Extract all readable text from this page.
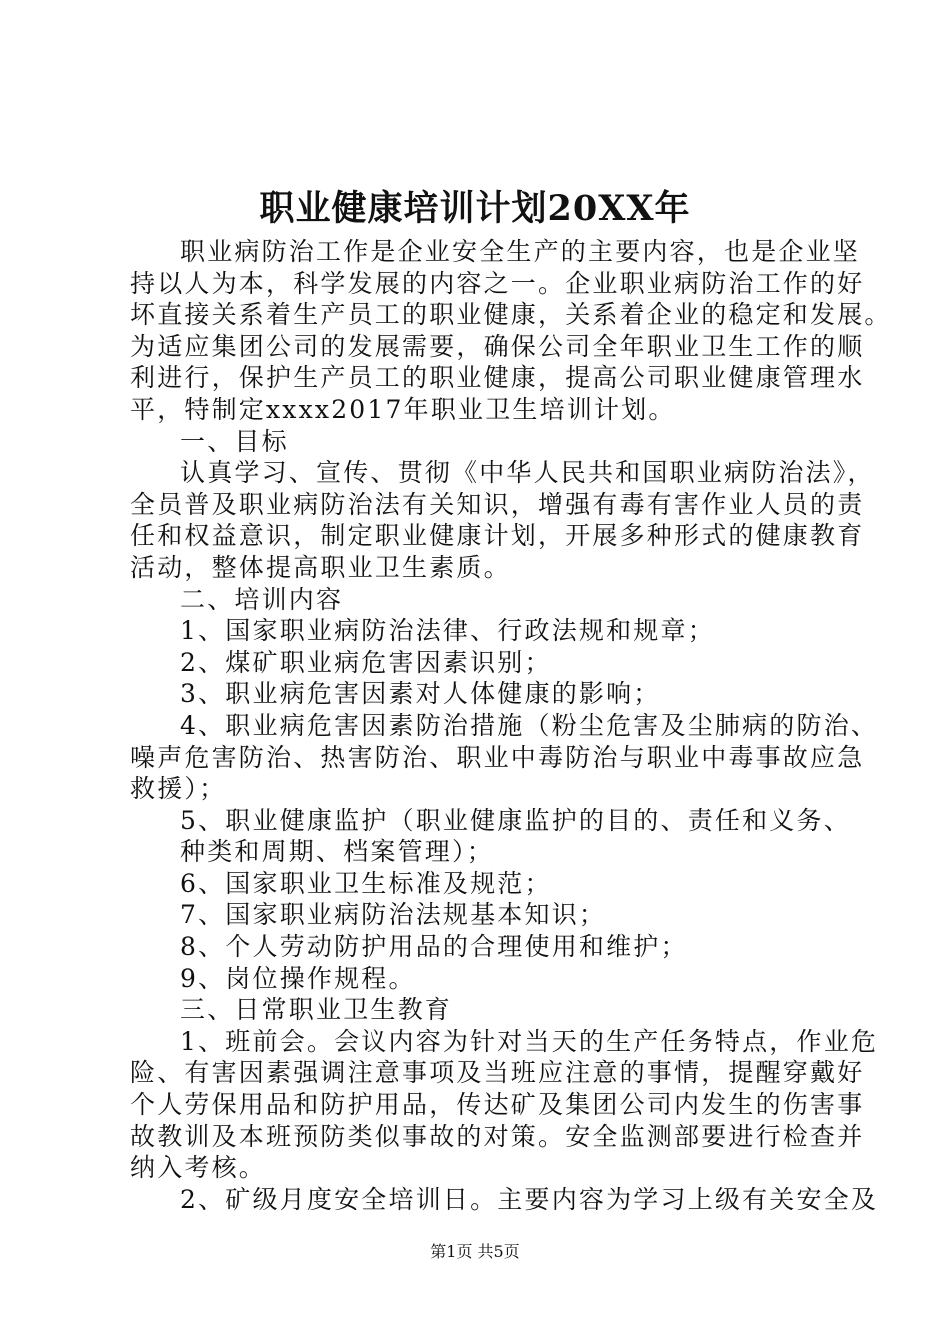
职业健康培训计划20XX年
职业病防治工作是企业安全生产的主要内容，也是企业坚
持以人为本，科学发展的内容之一。企业职业病防治工作的好
坏直接关系着生产员工的职业健康，关系着企业的稳定和发展。
为适应集团公司的发展需要，确保公司全年职业卫生工作的顺
利进行，保护生产员工的职业健康，提高公司职业健康管理水
平，特制定xxxx2017年职业卫生培训计划。
一、目标
认真学习、宣传、贯彻《中华人民共和国职业病防治法》，
全员普及职业病防治法有关知识，增强有毒有害作业人员的责
任和权益意识，制定职业健康计划，开展多种形式的健康教育
活动，整体提高职业卫生素质。
二、培训内容
1、国家职业病防治法律、行政法规和规章；
2、煤矿职业病危害因素识别；
3、职业病危害因素对人体健康的影响；
4、职业病危害因素防治措施（粉尘危害及尘肺病的防治、
噪声危害防治、热害防治、职业中毒防治与职业中毒事故应急
救援）；
5、职业健康监护（职业健康监护的目的、责任和义务、
种类和周期、档案管理）；
6、国家职业卫生标准及规范；
7、国家职业病防治法规基本知识；
8、个人劳动防护用品的合理使用和维护；
9、岗位操作规程。
三、日常职业卫生教育
1、班前会。会议内容为针对当天的生产任务特点，作业危
险、有害因素强调注意事项及当班应注意的事情，提醒穿戴好
个人劳保用品和防护用品，传达矿及集团公司内发生的伤害事
故教训及本班预防类似事故的对策。安全监测部要进行检查并
纳入考核。
2、矿级月度安全培训日。主要内容为学习上级有关安全及
第1页 共5页
